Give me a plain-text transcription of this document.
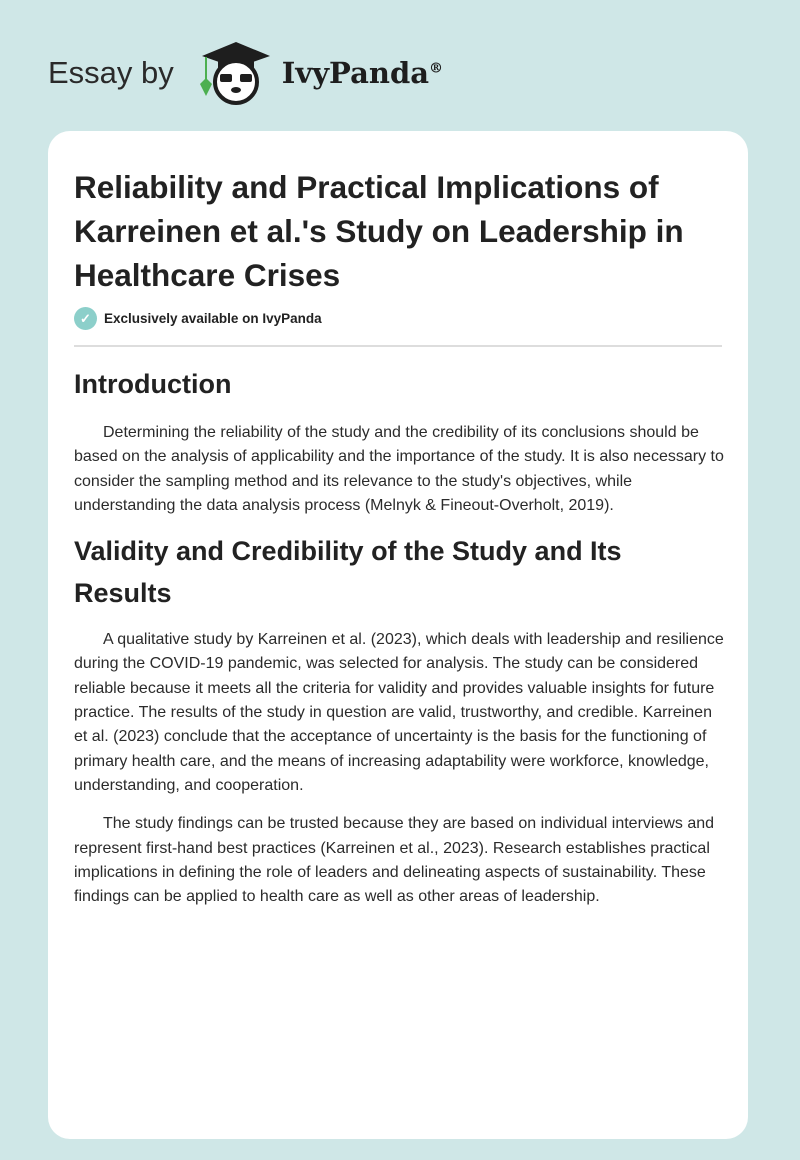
Essay by	IvyPanda®
Reliability and Practical Implications of Karreinen et al.'s Study on Leadership in Healthcare Crises
✓ Exclusively available on IvyPanda
Introduction

Determining the reliability of the study and the credibility of its conclusions should be based on the analysis of applicability and the importance of the study. It is also necessary to consider the sampling method and its relevance to the study's objectives, while understanding the data analysis process (Melnyk & Fineout-Overholt, 2019).

Validity and Credibility of the Study and Its Results

A qualitative study by Karreinen et al. (2023), which deals with leadership and resilience during the COVID-19 pandemic, was selected for analysis. The study can be considered reliable because it meets all the criteria for validity and provides valuable insights for future practice. The results of the study in question are valid, trustworthy, and credible. Karreinen et al. (2023) conclude that the acceptance of uncertainty is the basis for the functioning of primary health care, and the means of increasing adaptability were workforce, knowledge, understanding, and cooperation.

The study findings can be trusted because they are based on individual interviews and represent first-hand best practices (Karreinen et al., 2023). Research establishes practical implications in defining the role of leaders and delineating aspects of sustainability. These findings can be applied to health care as well as other areas of leadership.
